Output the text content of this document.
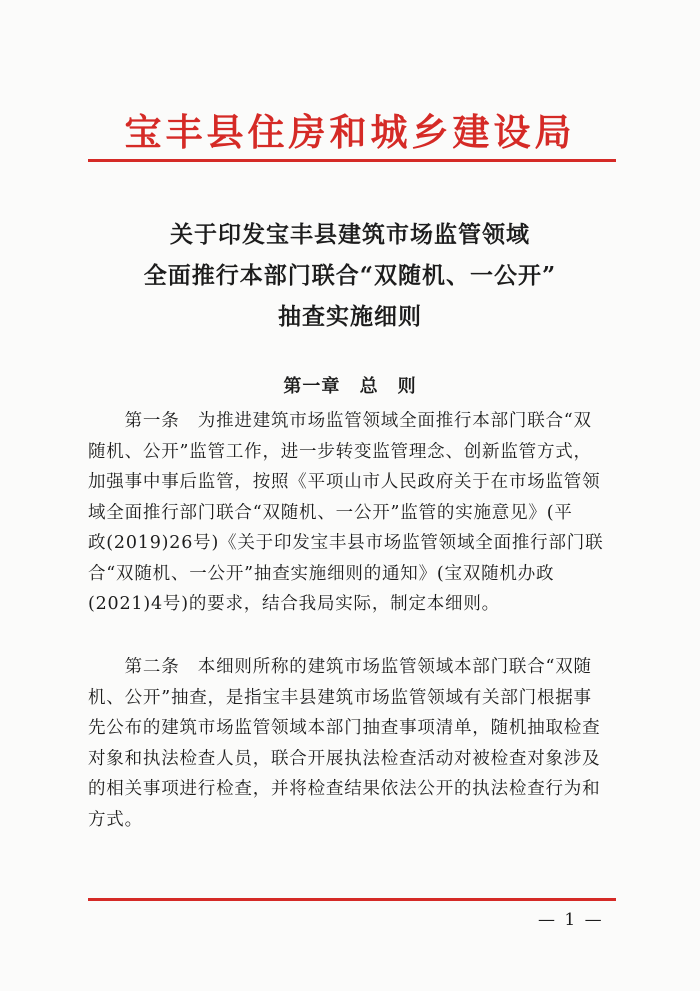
宝丰县住房和城乡建设局
关于印发宝丰县建筑市场监管领域
全面推行本部门联合“双随机、一公开”
抽查实施细则
第一章 总　则
　　第一条　为推进建筑市场监管领域全面推行本部门联合“双
随机、公开”监管工作，进一步转变监管理念、创新监管方式，
加强事中事后监管，按照《平项山市人民政府关于在市场监管领
域全面推行部门联合“双随机、一公开”监管的实施意见》(平
政(2019)26号)《关于印发宝丰县市场监管领域全面推行部门联
合“双随机、一公开”抽查实施细则的通知》(宝双随机办政
(2021)4号)的要求，结合我局实际，制定本细则。
　　第二条　本细则所称的建筑市场监管领域本部门联合“双随
机、公开”抽查，是指宝丰县建筑市场监管领域有关部门根据事
先公布的建筑市场监管领域本部门抽查事项清单，随机抽取检查
对象和执法检查人员，联合开展执法检查活动对被检查对象涉及
的相关事项进行检查，并将检查结果依法公开的执法检查行为和
方式。
— 1 —
